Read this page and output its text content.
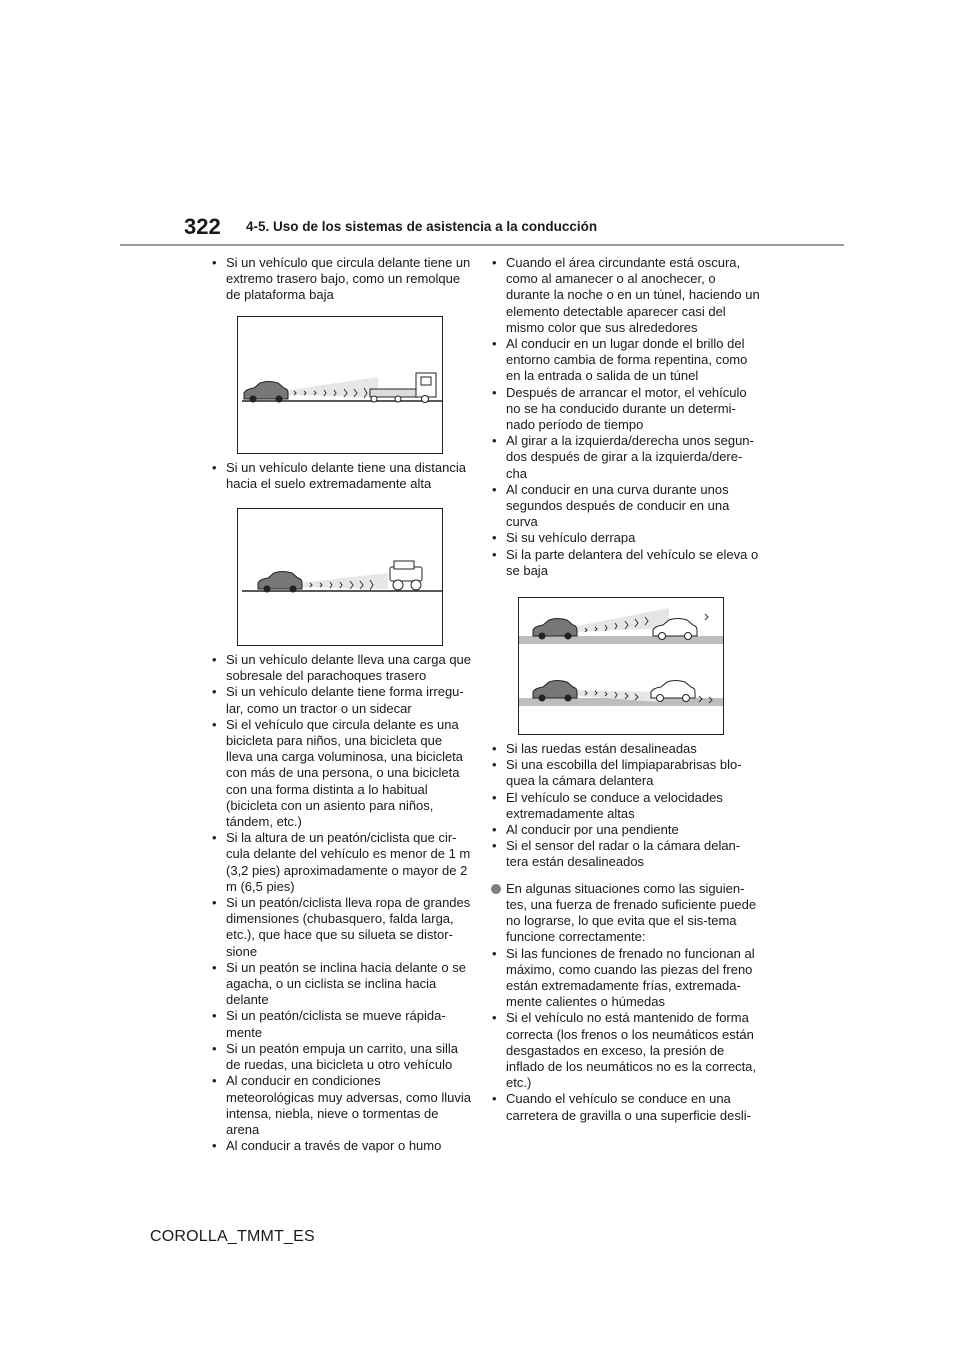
322 4-5. Uso de los sistemas de asistencia a la conducción
• Si un vehículo que circula delante tiene un extremo trasero bajo, como un remolque de plataforma baja
• Si un vehículo delante tiene una distancia hacia el suelo extremadamente alta
• Si un vehículo delante lleva una carga que sobresale del parachoques trasero
• Si un vehículo delante tiene forma irregu-lar, como un tractor o un sidecar
• Si el vehículo que circula delante es una bicicleta para niños, una bicicleta que lleva una carga voluminosa, una bicicleta con más de una persona, o una bicicleta con una forma distinta a lo habitual (bicicleta con un asiento para niños, tándem, etc.)
• Si la altura de un peatón/ciclista que cir-cula delante del vehículo es menor de 1 m (3,2 pies) aproximadamente o mayor de 2 m (6,5 pies)
• Si un peatón/ciclista lleva ropa de grandes dimensiones (chubasquero, falda larga, etc.), que hace que su silueta se distor-sione
• Si un peatón se inclina hacia delante o se agacha, o un ciclista se inclina hacia delante
• Si un peatón/ciclista se mueve rápida-mente
• Si un peatón empuja un carrito, una silla de ruedas, una bicicleta u otro vehículo
• Al conducir en condiciones meteorológicas muy adversas, como lluvia intensa, niebla, nieve o tormentas de arena
• Al conducir a través de vapor o humo
• Cuando el área circundante está oscura, como al amanecer o al anochecer, o durante la noche o en un túnel, haciendo un elemento detectable aparecer casi del mismo color que sus alrededores
• Al conducir en un lugar donde el brillo del entorno cambia de forma repentina, como en la entrada o salida de un túnel
• Después de arrancar el motor, el vehículo no se ha conducido durante un determi-nado período de tiempo
• Al girar a la izquierda/derecha unos segun-dos después de girar a la izquierda/dere-cha
• Al conducir en una curva durante unos segundos después de conducir en una curva
• Si su vehículo derrapa
• Si la parte delantera del vehículo se eleva o se baja
• Si las ruedas están desalineadas
• Si una escobilla del limpiaparabrisas blo-quea la cámara delantera
• El vehículo se conduce a velocidades extremadamente altas
• Al conducir por una pendiente
• Si el sensor del radar o la cámara delan-tera están desalineados
En algunas situaciones como las siguien-tes, una fuerza de frenado suficiente puede no lograrse, lo que evita que el sis-tema funcione correctamente:
• Si las funciones de frenado no funcionan al máximo, como cuando las piezas del freno están extremadamente frías, extremada-mente calientes o húmedas
• Si el vehículo no está mantenido de forma correcta (los frenos o los neumáticos están desgastados en exceso, la presión de inflado de los neumáticos no es la correcta, etc.)
• Cuando el vehículo se conduce en una carretera de gravilla o una superficie desli-
COROLLA_TMMT_ES
